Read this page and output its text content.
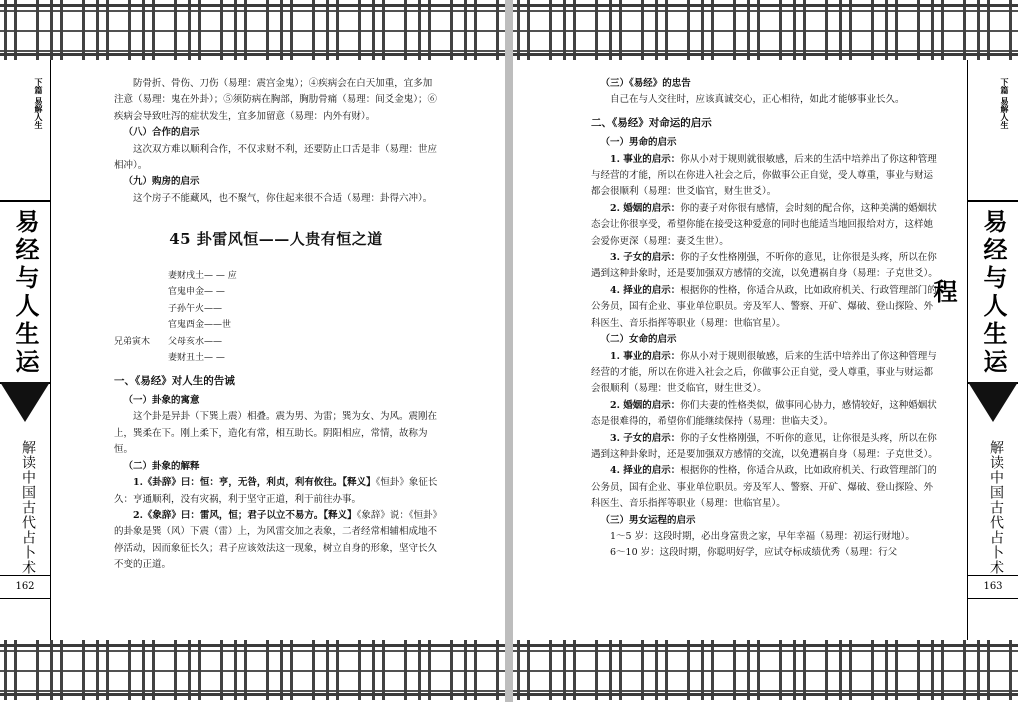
下篇 易解人生
易经与人生运
解读中国古代占卜术
162

防骨折、骨伤、刀伤（易理：震宫金鬼）；④疾病会在白天加重，宜多加注意（易理：鬼在外卦）；⑤须防病在胸部，胸肋骨痛（易理：间爻金鬼）；⑥疾病会导致吐泻的症状发生，宜多加留意（易理：内外有财）。

（八）合作的启示

这次双方难以顺利合作，不仅求财不利，还要防止口舌是非（易理：世应相冲）。

（九）购房的启示

这个房子不能藏风，也不聚气，你住起来很不合适（易理：卦得六冲）。

45 卦雷风恒——人贵有恒之道
妻财戌土— — 应
官鬼申金— —
子孙午火——
官鬼酉金——世
兄弟寅木	父母亥水——
妻财丑土— —

一、《易经》对人生的告诫

（一）卦象的寓意

这个卦是异卦（下巽上震）相叠。震为男、为雷；巽为女、为风。震刚在上，巽柔在下。刚上柔下，造化有常，相互助长。阴阳相应，常情，故称为恒。

（二）卦象的解释

1.《卦辞》曰：恒：亨，无咎，利贞，利有攸往。【释义】《恒卦》象征长久：亨通顺利，没有灾祸，利于坚守正道，利于前往办事。

2.《象辞》曰：雷风，恒；君子以立不易方。【释义】《象辞》说：《恒卦》的卦象是巽（风）下震（雷）上，为风雷交加之表象，二者经常相辅相成地不停活动，因而象征长久；君子应该效法这一现象，树立自身的形象，坚守长久不变的正道。

下篇 易解人生
易经与人生运程
解读中国古代占卜术
163

（三）《易经》的忠告

自己在与人交往时，应该真诚交心，正心相待，如此才能够事业长久。

二、《易经》对命运的启示

（一）男命的启示

1. 事业的启示：你从小对于规则就很敏感，后来的生活中培养出了你这种管理与经营的才能，所以在你进入社会之后，你做事公正自觉，受人尊重，事业与财运都会很顺利（易理：世爻临官，财生世爻）。

2. 婚姻的启示：你的妻子对你很有感情，会时刻的配合你，这种美满的婚姻状态会让你很享受，希望你能在接受这种爱意的同时也能适当地回报给对方，这样她会爱你更深（易理：妻爻生世）。

3. 子女的启示：你的子女性格刚强，不听你的意见，让你很是头疼，所以在你遇到这种卦象时，还是要加强双方感情的交流，以免遭祸自身（易理：子克世爻）。

4. 择业的启示：根据你的性格，你适合从政，比如政府机关、行政管理部门的公务员，国有企业、事业单位职员。旁及军人、警察、开矿、爆破、登山探险、外科医生、音乐指挥等职业（易理：世临官星）。

（二）女命的启示

1. 事业的启示：你从小对于规则很敏感，后来的生活中培养出了你这种管理与经营的才能，所以在你进入社会之后，你做事公正自觉，受人尊重，事业与财运都会很顺利（易理：世爻临官，财生世爻）。

2. 婚姻的启示：你们夫妻的性格类似，做事同心协力，感情较好，这种婚姻状态是很难得的，希望你们能继续保持（易理：世临夫爻）。

3. 子女的启示：你的子女性格刚强，不听你的意见，让你很是头疼，所以在你遇到这种卦象时，还是要加强双方感情的交流，以免遭祸自身（易理：子克世爻）。

4. 择业的启示：根据你的性格，你适合从政，比如政府机关、行政管理部门的公务员，国有企业、事业单位职员。旁及军人、警察、开矿、爆破、登山探险、外科医生、音乐指挥等职业（易理：世临官星）。

（三）男女运程的启示

1～5 岁：这段时期，必出身富贵之家，早年幸福（易理：初运行财地）。

6～10 岁：这段时期，你聪明好学，应试夺标成绩优秀（易理：行父
